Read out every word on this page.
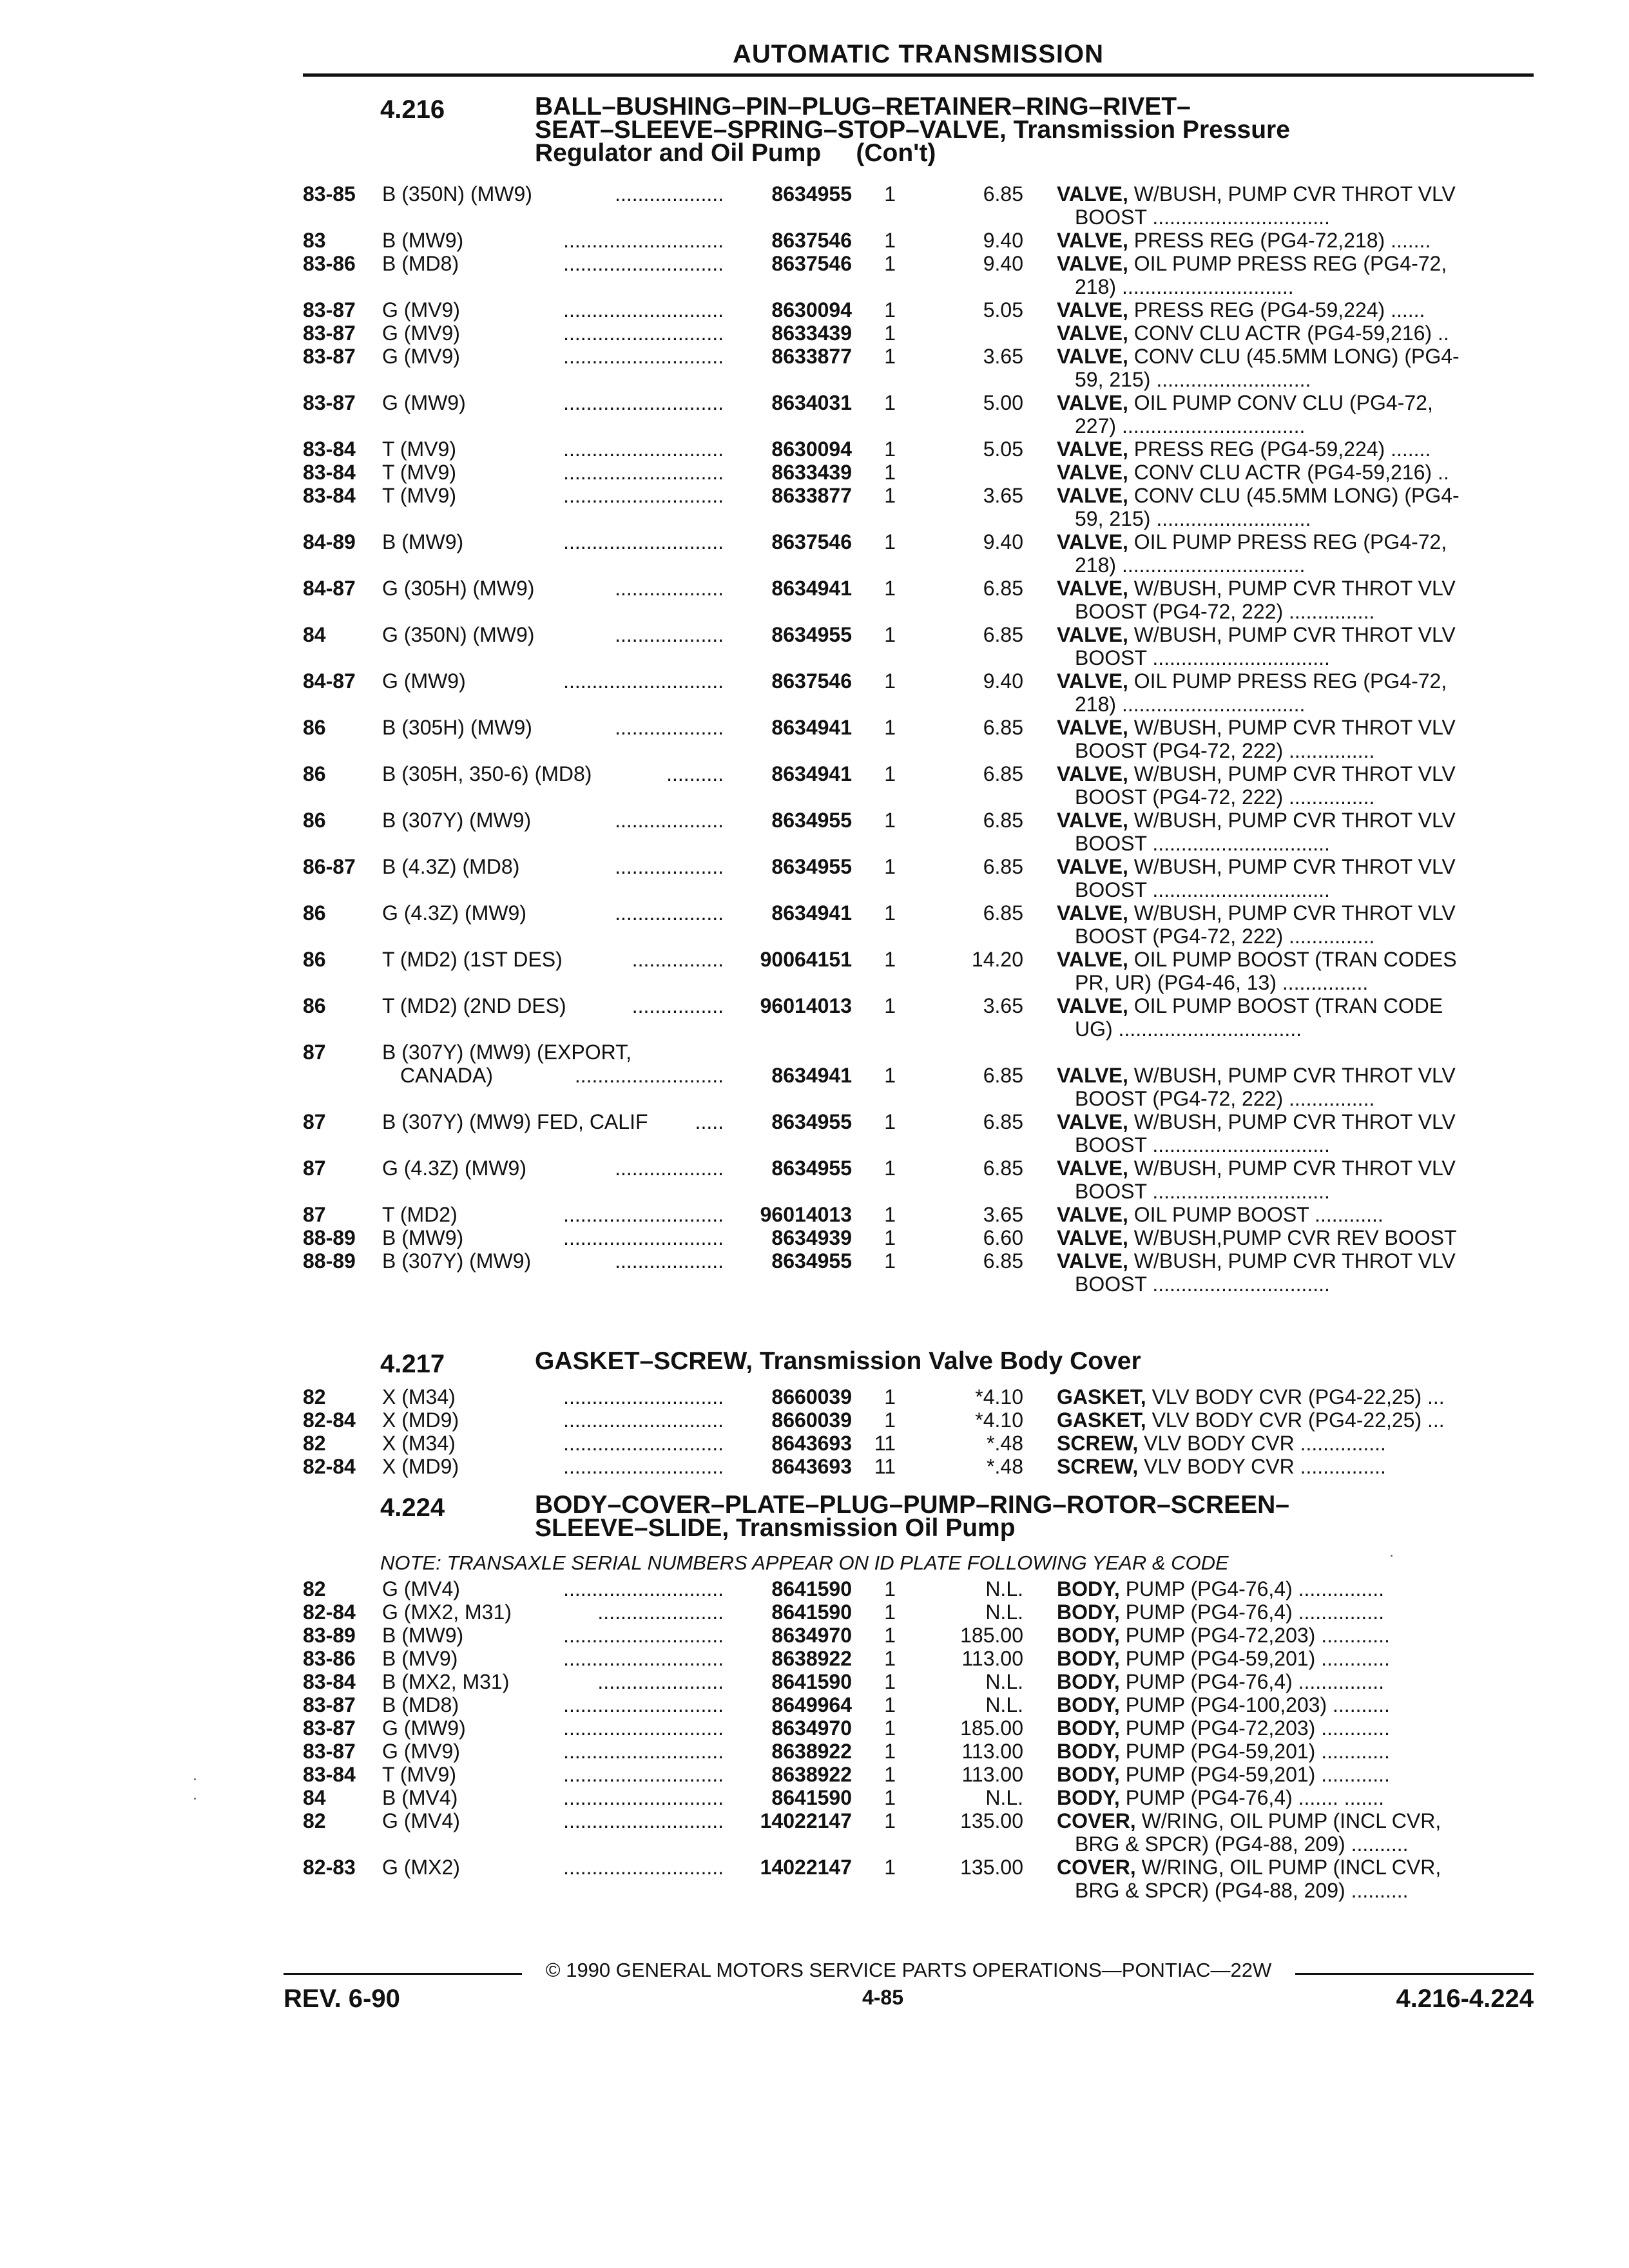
AUTOMATIC TRANSMISSION
4.216	BALL–BUSHING–PIN–PLUG–RETAINER–RING–RIVET–
SEAT–SLEEVE–SPRING–STOP–VALVE, Transmission Pressure
Regulator and Oil Pump     (Con't)
83-85 B (350N) (MW9)	...................	8634955	1	6.85 VALVE, W/BUSH, PUMP CVR THROT VLV
BOOST ...............................
83	B (MW9)	............................	8637546	1	9.40 VALVE, PRESS REG (PG4-72,218) .......
83-86 B (MD8)	............................	8637546	1	9.40 VALVE, OIL PUMP PRESS REG (PG4-72,
218) ..............................
83-87 G (MV9)	............................	8630094	1	5.05 VALVE, PRESS REG (PG4-59,224) ......
83-87 G (MV9)	............................	8633439	1	VALVE, CONV CLU ACTR (PG4-59,216) ..
83-87 G (MV9)	............................	8633877	1	3.65 VALVE, CONV CLU (45.5MM LONG) (PG4-
59, 215) ...........................
83-87 G (MW9)	............................	8634031	1	5.00 VALVE, OIL PUMP CONV CLU (PG4-72,
227) ................................
83-84 T (MV9)	............................	8630094	1	5.05 VALVE, PRESS REG (PG4-59,224) .......
83-84 T (MV9)	............................	8633439	1	VALVE, CONV CLU ACTR (PG4-59,216) ..
83-84 T (MV9)	............................	8633877	1	3.65 VALVE, CONV CLU (45.5MM LONG) (PG4-
59, 215) ...........................
84-89 B (MW9)	............................	8637546	1	9.40 VALVE, OIL PUMP PRESS REG (PG4-72,
218) ................................
84-87 G (305H) (MW9)	...................	8634941	1	6.85 VALVE, W/BUSH, PUMP CVR THROT VLV
BOOST (PG4-72, 222) ...............
84	G (350N) (MW9)	...................	8634955	1	6.85 VALVE, W/BUSH, PUMP CVR THROT VLV
BOOST ...............................
84-87 G (MW9)	............................	8637546	1	9.40 VALVE, OIL PUMP PRESS REG (PG4-72,
218) ................................
86	B (305H) (MW9)	...................	8634941	1	6.85 VALVE, W/BUSH, PUMP CVR THROT VLV
BOOST (PG4-72, 222) ...............
86	B (305H, 350-6) (MD8)	..........	8634941	1	6.85 VALVE, W/BUSH, PUMP CVR THROT VLV
BOOST (PG4-72, 222) ...............
86	B (307Y) (MW9)	...................	8634955	1	6.85 VALVE, W/BUSH, PUMP CVR THROT VLV
BOOST ...............................
86-87 B (4.3Z) (MD8)	...................	8634955	1	6.85 VALVE, W/BUSH, PUMP CVR THROT VLV
BOOST ...............................
86	G (4.3Z) (MW9)	...................	8634941	1	6.85 VALVE, W/BUSH, PUMP CVR THROT VLV
BOOST (PG4-72, 222) ...............
86	T (MD2) (1ST DES)	................	90064151	1	14.20 VALVE, OIL PUMP BOOST (TRAN CODES
PR, UR) (PG4-46, 13) ...............
86	T (MD2) (2ND DES)	................	96014013	1	3.65 VALVE, OIL PUMP BOOST (TRAN CODE
UG) ................................
87	B (307Y) (MW9) (EXPORT,
CANADA)	..........................	8634941	1	6.85 VALVE, W/BUSH, PUMP CVR THROT VLV
BOOST (PG4-72, 222) ...............
87	B (307Y) (MW9) FED, CALIF .....	8634955	1	6.85 VALVE, W/BUSH, PUMP CVR THROT VLV
BOOST ...............................
87	G (4.3Z) (MW9)	...................	8634955	1	6.85 VALVE, W/BUSH, PUMP CVR THROT VLV
BOOST ...............................
87	T (MD2)	............................	96014013	1	3.65 VALVE, OIL PUMP BOOST ............
88-89 B (MW9)	............................	8634939	1	6.60 VALVE, W/BUSH,PUMP CVR REV BOOST
88-89 B (307Y) (MW9)	...................	8634955	1	6.85 VALVE, W/BUSH, PUMP CVR THROT VLV
BOOST ...............................
4.217	GASKET–SCREW, Transmission Valve Body Cover
82	X (M34)	............................	8660039	1	*4.10 GASKET, VLV BODY CVR (PG4-22,25) ...
82-84 X (MD9)	............................	8660039	1	*4.10 GASKET, VLV BODY CVR (PG4-22,25) ...
82	X (M34)	............................	8643693	11	*.48 SCREW, VLV BODY CVR ...............
82-84 X (MD9)	............................	8643693	11	*.48 SCREW, VLV BODY CVR ...............
4.224	BODY–COVER–PLATE–PLUG–PUMP–RING–ROTOR–SCREEN–
SLEEVE–SLIDE, Transmission Oil Pump
NOTE: TRANSAXLE SERIAL NUMBERS APPEAR ON ID PLATE FOLLOWING YEAR & CODE
82	G (MV4)	............................	8641590	1	N.L. BODY, PUMP (PG4-76,4) ...............
82-84 G (MX2, M31)	......................	8641590	1	N.L. BODY, PUMP (PG4-76,4) ...............
83-89 B (MW9)	............................	8634970	1	185.00 BODY, PUMP (PG4-72,203) ............
83-86 B (MV9)	............................	8638922	1	113.00 BODY, PUMP (PG4-59,201) ............
83-84 B (MX2, M31)	......................	8641590	1	N.L. BODY, PUMP (PG4-76,4) ...............
83-87 B (MD8)	............................	8649964	1	N.L. BODY, PUMP (PG4-100,203) ..........
83-87 G (MW9)	............................	8634970	1	185.00 BODY, PUMP (PG4-72,203) ............
83-87 G (MV9)	............................	8638922	1	113.00 BODY, PUMP (PG4-59,201) ............
83-84 T (MV9)	............................	8638922	1	113.00 BODY, PUMP (PG4-59,201) ............
84	B (MV4)	............................	8641590	1	N.L. BODY, PUMP (PG4-76,4) ....... .......
82	G (MV4)	............................	14022147	1	135.00 COVER, W/RING, OIL PUMP (INCL CVR,
BRG & SPCR) (PG4-88, 209) ..........
82-83 G (MX2)	............................	14022147	1	135.00 COVER, W/RING, OIL PUMP (INCL CVR,
BRG & SPCR) (PG4-88, 209) ..........
© 1990 GENERAL MOTORS SERVICE PARTS OPERATIONS—PONTIAC—22W
REV. 6-90	4-85	4.216-4.224
